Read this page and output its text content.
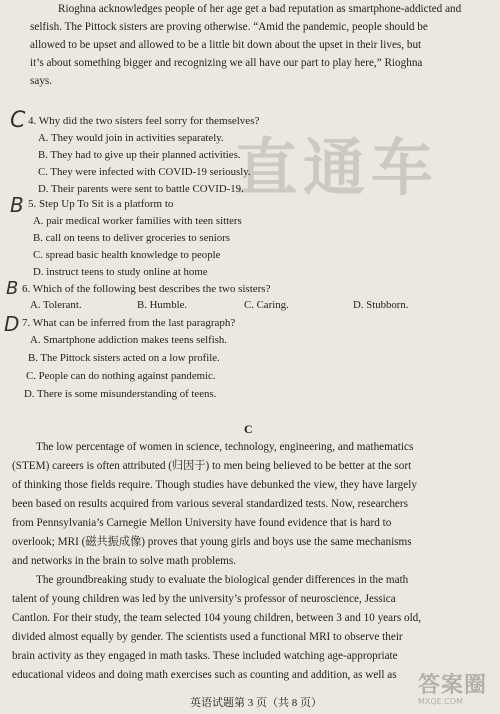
直通车
Rioghna acknowledges people of her age get a bad reputation as smartphone-addicted and
selfish. The Pittock sisters are proving otherwise. “Amid the pandemic, people should be
allowed to be upset and allowed to be a little bit down about the upset in their lives, but
it’s about something bigger and recognizing we all have our part to play here,” Rioghna
says.
C 4. Why did the two sisters feel sorry for themselves?
A. They would join in activities separately.
B. They had to give up their planned activities.
C. They were infected with COVID-19 seriously.
D. Their parents were sent to battle COVID-19.
B 5. Step Up To Sit is a platform to
A. pair medical worker families with teen sitters
B. call on teens to deliver groceries to seniors
C. spread basic health knowledge to people
D. instruct teens to study online at home
B 6. Which of the following best describes the two sisters?
A. Tolerant.	B. Humble.	C. Caring.	D. Stubborn.
D 7. What can be inferred from the last paragraph?
A. Smartphone addiction makes teens selfish.
B. The Pittock sisters acted on a low profile.
C. People can do nothing against pandemic.
D. There is some misunderstanding of teens.
C
The low percentage of women in science, technology, engineering, and mathematics
(STEM) careers is often attributed (归因于) to men being believed to be better at the sort
of thinking those fields require. Though studies have debunked the view, they have largely
been based on results acquired from various several standardized tests. Now, researchers
from Pennsylvania’s Carnegie Mellon University have found evidence that is hard to
overlook; MRI (磁共振成像) proves that young girls and boys use the same mechanisms
and networks in the brain to solve math problems.
The groundbreaking study to evaluate the biological gender differences in the math
talent of young children was led by the university’s professor of neuroscience, Jessica
Cantlon. For their study, the team selected 104 young children, between 3 and 10 years old,
divided almost equally by gender. The scientists used a functional MRI to observe their
brain activity as they engaged in math tasks. These included watching age-appropriate
educational videos and doing math exercises such as counting and addition, as well as
英语试题第 3 页（共 8 页）
答案圈
MXQE.COM
